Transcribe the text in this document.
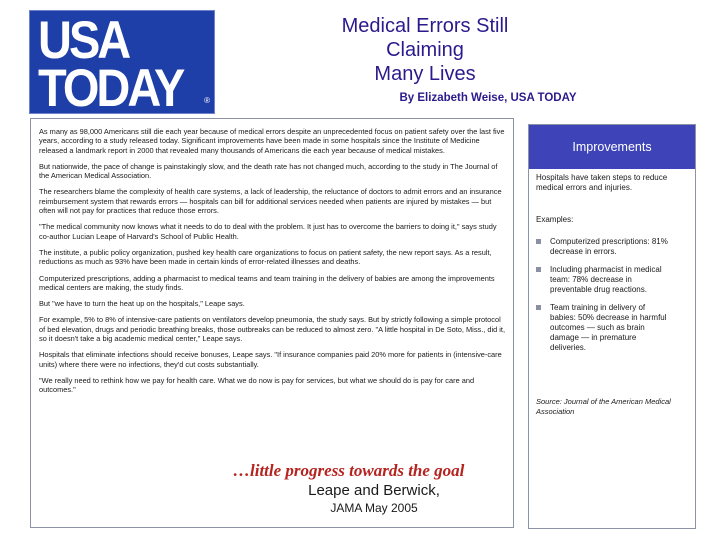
USA
TODAY	®
Medical Errors Still Claiming
Many Lives
By Elizabeth Weise, USA TODAY

As many as 98,000 Americans still die each year because of medical errors despite an unprecedented focus on patient safety over the last five years, according to a study released today. Significant improvements have been made in some hospitals since the Institute of Medicine released a landmark report in 2000 that revealed many thousands of Americans die each year because of medical mistakes.

But nationwide, the pace of change is painstakingly slow, and the death rate has not changed much, according to the study in The Journal of the American Medical Association.

The researchers blame the complexity of health care systems, a lack of leadership, the reluctance of doctors to admit errors and an insurance reimbursement system that rewards errors — hospitals can bill for additional services needed when patients are injured by mistakes — but often will not pay for practices that reduce those errors.

"The medical community now knows what it needs to do to deal with the problem. It just has to overcome the barriers to doing it," says study co-author Lucian Leape of Harvard's School of Public Health.

The institute, a public policy organization, pushed key health care organizations to focus on patient safety, the new report says. As a result, reductions as much as 93% have been made in certain kinds of error-related illnesses and deaths.

Computerized prescriptions, adding a pharmacist to medical teams and team training in the delivery of babies are among the improvements medical centers are making, the study finds.

But "we have to turn the heat up on the hospitals," Leape says.

For example, 5% to 8% of intensive-care patients on ventilators develop pneumonia, the study says. But by strictly following a simple protocol of bed elevation, drugs and periodic breathing breaks, those outbreaks can be reduced to almost zero. "A little hospital in De Soto, Miss., did it, so it doesn't take a big academic medical center," Leape says.

Hospitals that eliminate infections should receive bonuses, Leape says. "If insurance companies paid 20% more for patients in (intensive-care units) where there were no infections, they'd cut costs substantially.

"We really need to rethink how we pay for health care. What we do now is pay for services, but what we should do is pay for care and outcomes."

…little progress towards the goal
Leape and Berwick,
JAMA May 2005
Improvements
Hospitals have taken steps to reduce medical errors and injuries.
Examples:
Computerized prescriptions: 81% decrease in errors.
Including pharmacist in medical team: 78% decrease in preventable drug reactions.
Team training in delivery of babies: 50% decrease in harmful outcomes — such as brain damage — in premature deliveries.
Source: Journal of the American Medical Association
